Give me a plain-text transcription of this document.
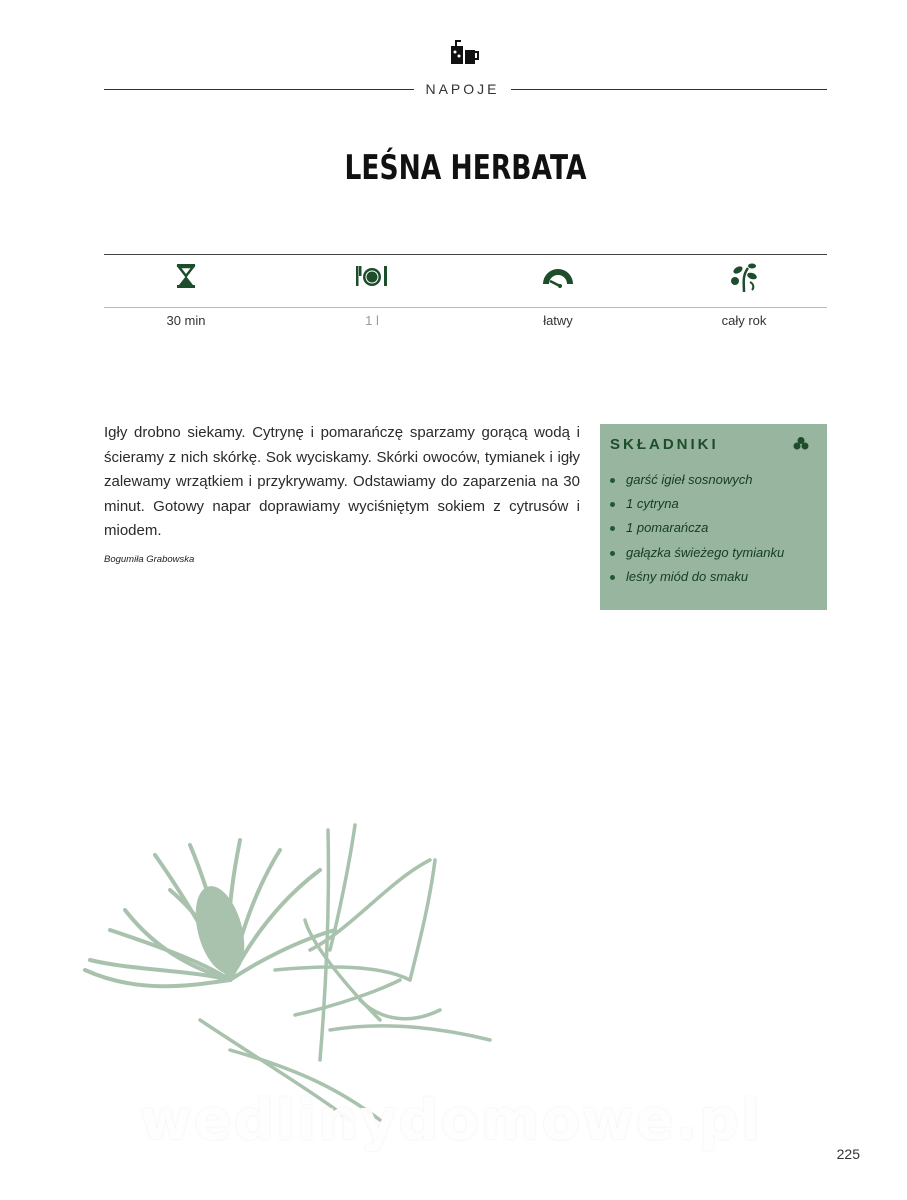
NAPOJE
LEŚNA HERBATA
30 min	1 l	łatwy	cały rok
Igły drobno siekamy. Cytrynę i pomarańczę sparzamy gorącą wodą i ścieramy z nich skórkę. Sok wyciskamy. Skórki owoców, tymianek i igły zalewamy wrzątkiem i przykrywamy. Odstawiamy do zaparzenia na 30 minut. Gotowy napar doprawiamy wyciśniętym sokiem z cytrusów i miodem.
Bogumiła Grabowska
SKŁADNIKI
garść igieł sosnowych
1 cytryna
1 pomarańcza
gałązka świeżego tymianku
leśny miód do smaku
wedlinydomowe.pl
225
